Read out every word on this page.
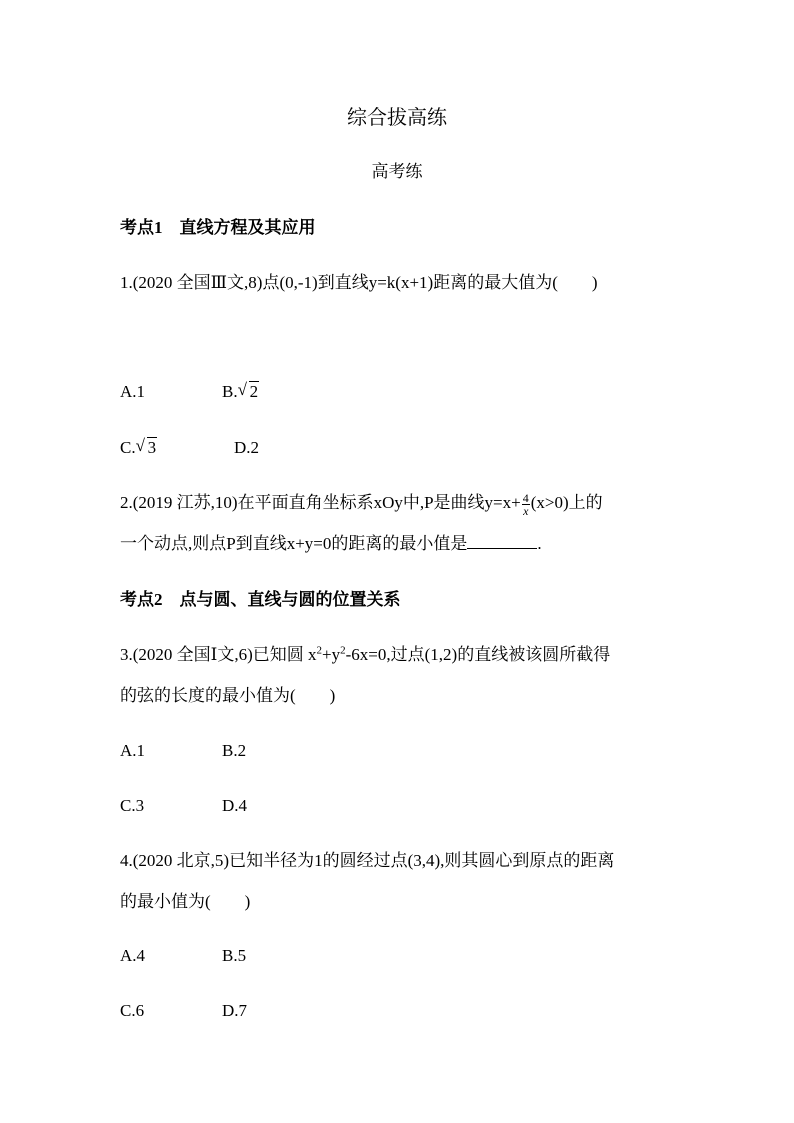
综合拔高练
高考练
考点1　直线方程及其应用
1.(2020 全国Ⅲ文,8)点(0,-1)到直线y=k(x+1)距离的最大值为(　　)
A.1	B. √ 2
C. √ 3	D.2
2.(2019 江苏,10)在平面直角坐标系xOy中,P是曲线$y=x+ \frac{4}{x} (x>0)$上的
一个动点,则点P到直线x+y=0的距离的最小值是	.
考点2　点与圆、直线与圆的位置关系
3.(2020 全国Ⅰ文,6)已知圆 $x^2+y^2-6x=0$,过点(1,2)的直线被该圆所截得
的弦的长度的最小值为(　　)
A.1	B.2
C.3	D.4
4.(2020 北京,5)已知半径为1的圆经过点(3,4),则其圆心到原点的距离
的最小值为(　　)
A.4	B.5
C.6	D.7
